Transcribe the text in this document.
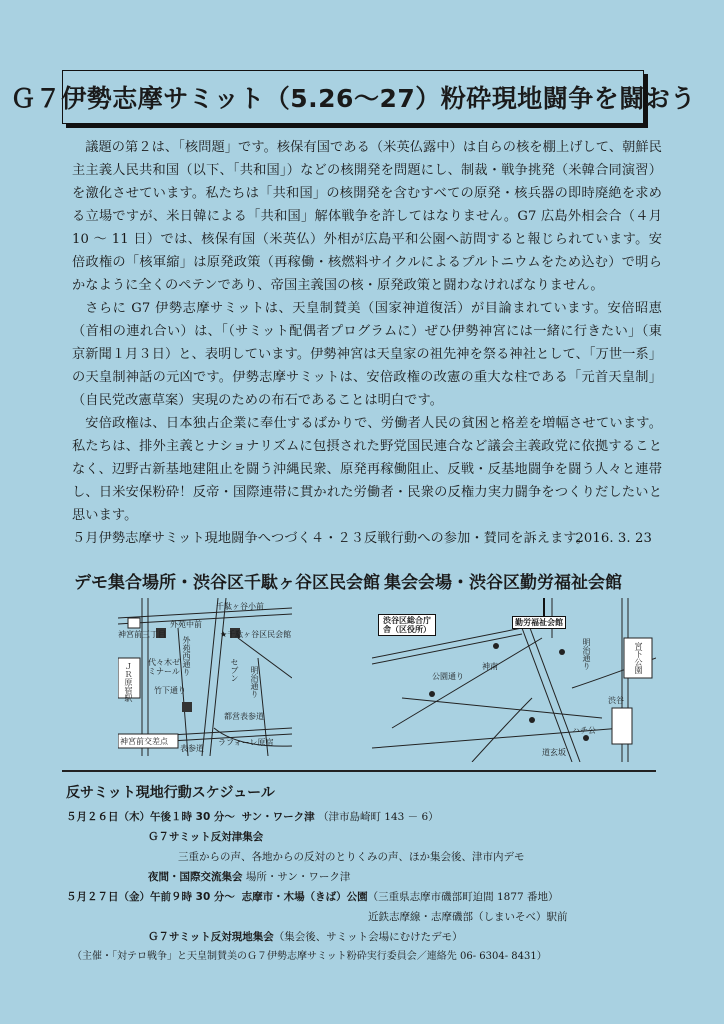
Ｇ７伊勢志摩サミット（5.26～27）粉砕現地闘争を闘おう

議題の第２は、「核問題」です。核保有国である（米英仏露中）は自らの核を棚上げして、朝鮮民主主義人民共和国（以下、「共和国」）などの核開発を問題にし、制裁・戦争挑発（米韓合同演習）を激化させています。私たちは「共和国」の核開発を含むすべての原発・核兵器の即時廃絶を求める立場ですが、米日韓による「共和国」解体戦争を許してはなりません。G7 広島外相会合（４月 10 ～ 11 日）では、核保有国（米英仏）外相が広島平和公園へ訪問すると報じられています。安倍政権の「核軍縮」は原発政策（再稼働・核燃料サイクルによるプルトニウムをため込む）で明らかなように全くのペテンであり、帝国主義国の核・原発政策と闘わなければなりません。

さらに G7 伊勢志摩サミットは、天皇制賛美（国家神道復活）が目論まれています。安倍昭恵（首相の連れ合い）は、「（サミット配偶者プログラムに）ぜひ伊勢神宮には一緒に行きたい」（東京新聞１月３日）と、表明しています。伊勢神宮は天皇家の祖先神を祭る神社として、「万世一系」の天皇制神話の元凶です。伊勢志摩サミットは、安倍政権の改憲の重大な柱である「元首天皇制」（自民党改憲草案）実現のための布石であることは明白です。

安倍政権は、日本独占企業に奉仕するばかりで、労働者人民の貧困と格差を増幅させています。私たちは、排外主義とナショナリズムに包摂された野党国民連合など議会主義政党に依拠することなく、辺野古新基地建阻止を闘う沖縄民衆、原発再稼働阻止、反戦・反基地闘争を闘う人々と連帯し、日米安保粉砕！反帝・国際連帯に貫かれた労働者・民衆の反権力実力闘争をつくりだしたいと思います。

５月伊勢志摩サミット現地闘争へつづく４・２３反戦行動への参加・賛同を訴えます。
2016. 3. 23
デモ集合場所・渋谷区千駄ヶ谷区民会館
千駄ヶ谷小前
外苑中前
神宮前三丁目	★千駄ヶ谷区民会館
外苑西通り	セブン 明治通り
代々木ゼミナール
ＪＲ原宿駅	竹下通り
都営表参道
ラフォーレ原宿
神宮前交差点
表参道
集会会場・渋谷区勤労福祉会館
渋谷区総合庁舎（区役所）
勤労福祉会館
公園通り
神南	明治通り	宮下公園
渋谷
ハチ公
道玄坂
反サミット現地行動スケジュール
５月２６日（木）午後１時 30 分～ サン・ワーク津 （津市島崎町 143 － 6）
Ｇ７サミット反対津集会
三重からの声、各地からの反対のとりくみの声、ほか集会後、津市内デモ
夜間・国際交流集会 場所・サン・ワーク津
５月２７日（金）午前９時 30 分～ 志摩市・木場（きば）公園（三重県志摩市磯部町迫間 1877 番地）
近鉄志摩線・志摩磯部（しまいそべ）駅前
Ｇ７サミット反対現地集会（集会後、サミット会場にむけたデモ）
（主催・「対テロ戦争」と天皇制賛美のＧ７伊勢志摩サミット粉砕実行委員会／連絡先 06‐ 6304‐ 8431）
